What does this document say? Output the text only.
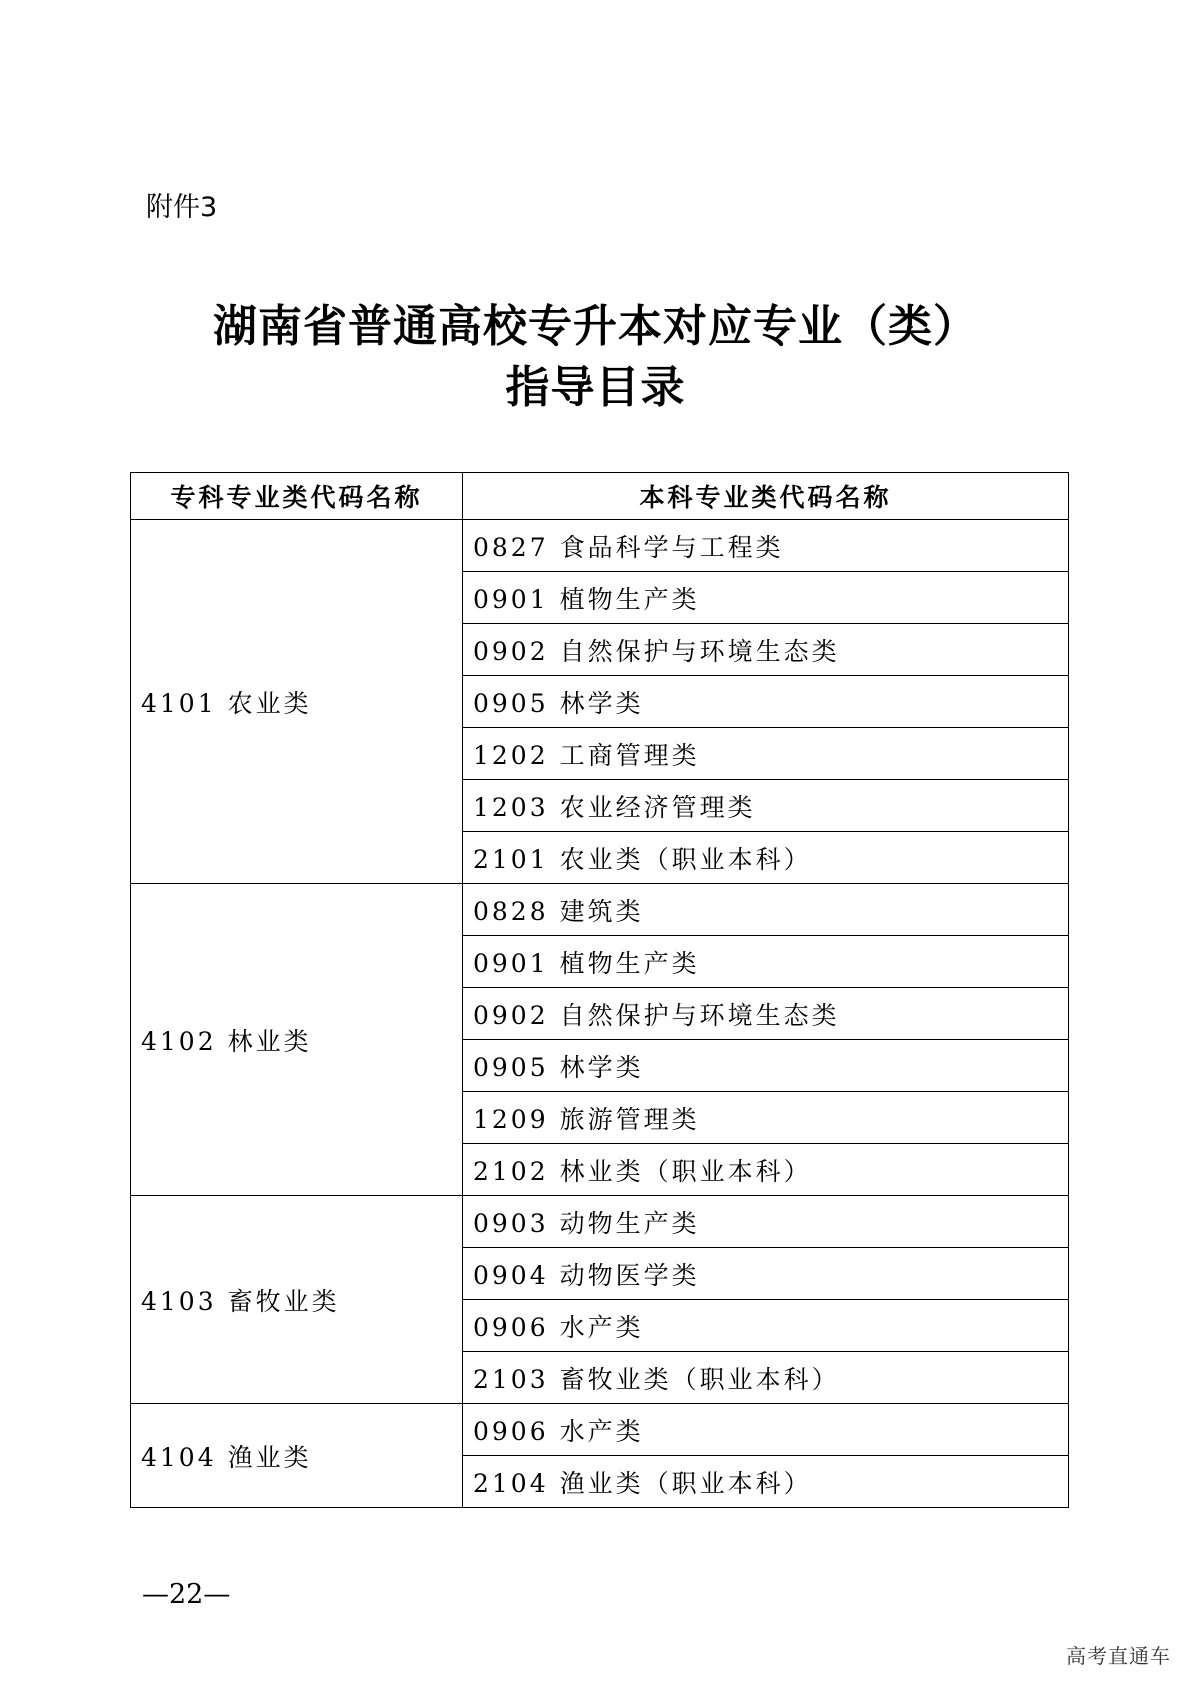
附件3
湖南省普通高校专升本对应专业（类）
指导目录
专科专业类代码名称	本科专业类代码名称
4101 农业类	0827 食品科学与工程类
	0901 植物生产类
	0902 自然保护与环境生态类
	0905 林学类
	1202 工商管理类
	1203 农业经济管理类
	2101 农业类（职业本科）
4102 林业类	0828 建筑类
	0901 植物生产类
	0902 自然保护与环境生态类
	0905 林学类
	1209 旅游管理类
	2102 林业类（职业本科）
4103 畜牧业类	0903 动物生产类
	0904 动物医学类
	0906 水产类
	2103 畜牧业类（职业本科）
4104 渔业类	0906 水产类
	2104 渔业类（职业本科）
—22—
高考直通车
